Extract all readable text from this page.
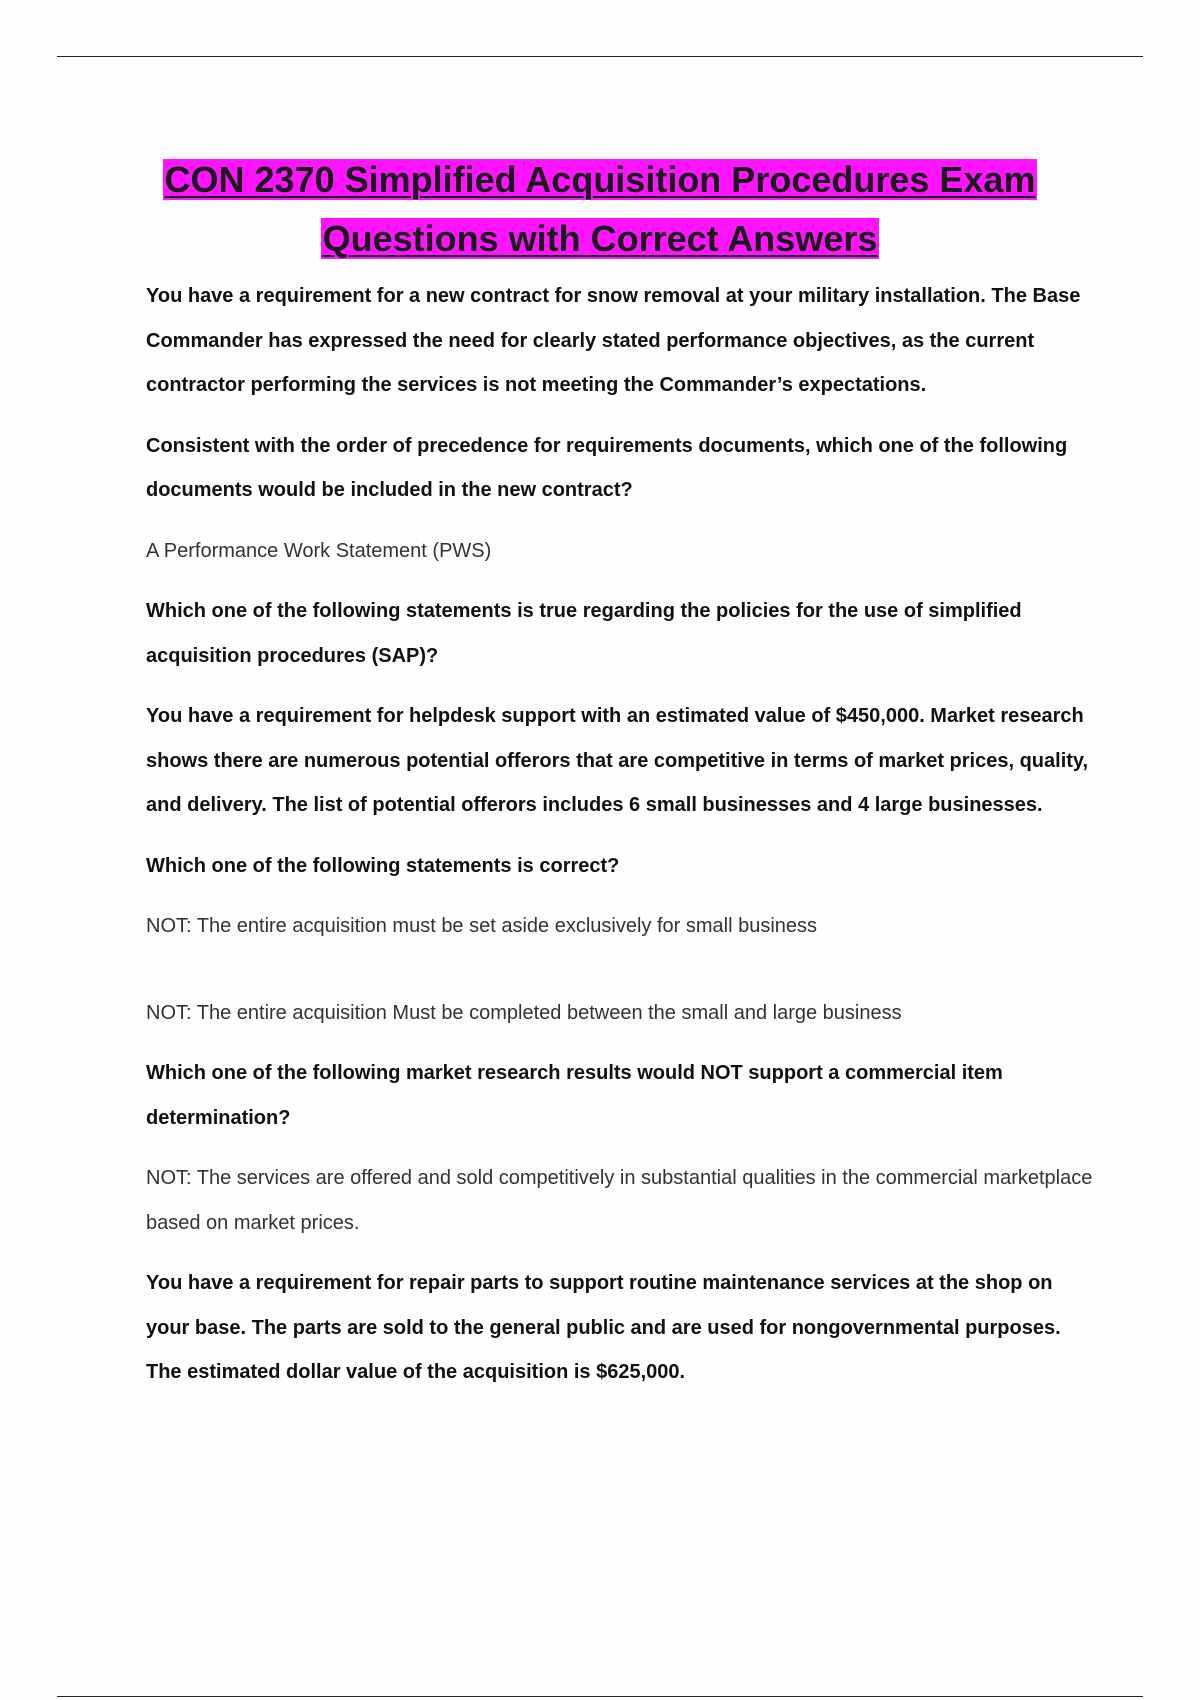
CON 2370 Simplified Acquisition Procedures Exam
Questions with Correct Answers

You have a requirement for a new contract for snow removal at your military installation. The Base Commander has expressed the need for clearly stated performance objectives, as the current contractor performing the services is not meeting the Commander’s expectations.

Consistent with the order of precedence for requirements documents, which one of the following documents would be included in the new contract?

A Performance Work Statement (PWS)

Which one of the following statements is true regarding the policies for the use of simplified acquisition procedures (SAP)?

You have a requirement for helpdesk support with an estimated value of $450,000. Market research shows there are numerous potential offerors that are competitive in terms of market prices, quality, and delivery. The list of potential offerors includes 6 small businesses and 4 large businesses.

Which one of the following statements is correct?

NOT: The entire acquisition must be set aside exclusively for small business

NOT: The entire acquisition Must be completed between the small and large business

Which one of the following market research results would NOT support a commercial item determination?

NOT: The services are offered and sold competitively in substantial qualities in the commercial marketplace based on market prices.

You have a requirement for repair parts to support routine maintenance services at the shop on your base. The parts are sold to the general public and are used for nongovernmental purposes. The estimated dollar value of the acquisition is $625,000.
